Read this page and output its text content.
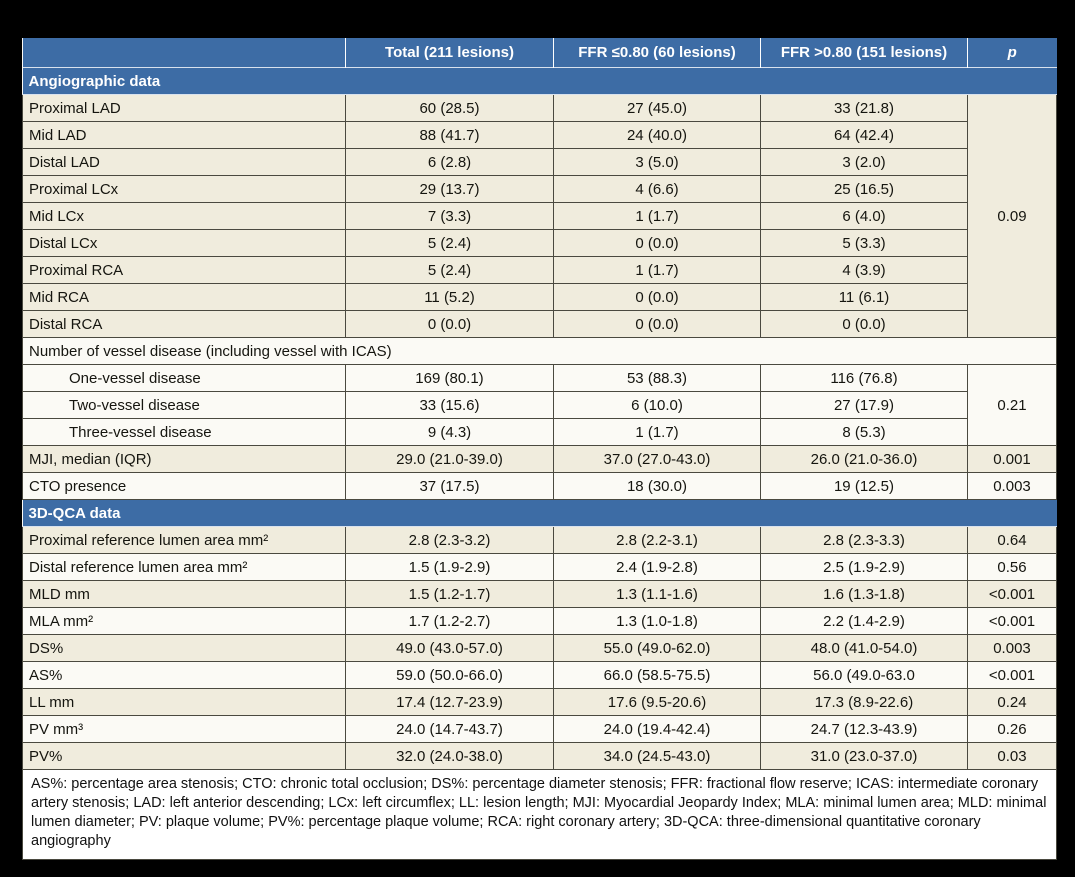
	Total (211 lesions)	FFR ≤0.80 (60 lesions)	FFR >0.80 (151 lesions)	p
Angiographic data				
Proximal LAD	60 (28.5)	27 (45.0)	33 (21.8)	0.09
Mid LAD	88 (41.7)	24 (40.0)	64 (42.4)	
Distal LAD	6 (2.8)	3 (5.0)	3 (2.0)	
Proximal LCx	29 (13.7)	4 (6.6)	25 (16.5)	
Mid LCx	7 (3.3)	1 (1.7)	6 (4.0)	
Distal LCx	5 (2.4)	0 (0.0)	5 (3.3)	
Proximal RCA	5 (2.4)	1 (1.7)	4 (3.9)	
Mid RCA	11 (5.2)	0 (0.0)	11 (6.1)	
Distal RCA	0 (0.0)	0 (0.0)	0 (0.0)	
Number of vessel disease (including vessel with ICAS)				
One-vessel disease	169 (80.1)	53 (88.3)	116 (76.8)	0.21
Two-vessel disease	33 (15.6)	6 (10.0)	27 (17.9)	
Three-vessel disease	9 (4.3)	1 (1.7)	8 (5.3)	
MJI, median (IQR)	29.0 (21.0-39.0)	37.0 (27.0-43.0)	26.0 (21.0-36.0)	0.001
CTO presence	37 (17.5)	18 (30.0)	19 (12.5)	0.003
3D-QCA data				
Proximal reference lumen area mm²	2.8 (2.3-3.2)	2.8 (2.2-3.1)	2.8 (2.3-3.3)	0.64
Distal reference lumen area mm²	1.5 (1.9-2.9)	2.4 (1.9-2.8)	2.5 (1.9-2.9)	0.56
MLD mm	1.5 (1.2-1.7)	1.3 (1.1-1.6)	1.6 (1.3-1.8)	<0.001
MLA mm²	1.7 (1.2-2.7)	1.3 (1.0-1.8)	2.2 (1.4-2.9)	<0.001
DS%	49.0 (43.0-57.0)	55.0 (49.0-62.0)	48.0 (41.0-54.0)	0.003
AS%	59.0 (50.0-66.0)	66.0 (58.5-75.5)	56.0 (49.0-63.0	<0.001
LL mm	17.4 (12.7-23.9)	17.6 (9.5-20.6)	17.3 (8.9-22.6)	0.24
PV mm³	24.0 (14.7-43.7)	24.0 (19.4-42.4)	24.7 (12.3-43.9)	0.26
PV%	32.0 (24.0-38.0)	34.0 (24.5-43.0)	31.0 (23.0-37.0)	0.03
AS%: percentage area stenosis; CTO: chronic total occlusion; DS%: percentage diameter stenosis; FFR: fractional flow reserve; ICAS: intermediate coronary artery stenosis; LAD: left anterior descending; LCx: left circumflex; LL: lesion length; MJI: Myocardial Jeopardy Index; MLA: minimal lumen area; MLD: minimal lumen diameter; PV: plaque volume; PV%: percentage plaque volume; RCA: right coronary artery; 3D-QCA: three-dimensional quantitative coronary angiography				
